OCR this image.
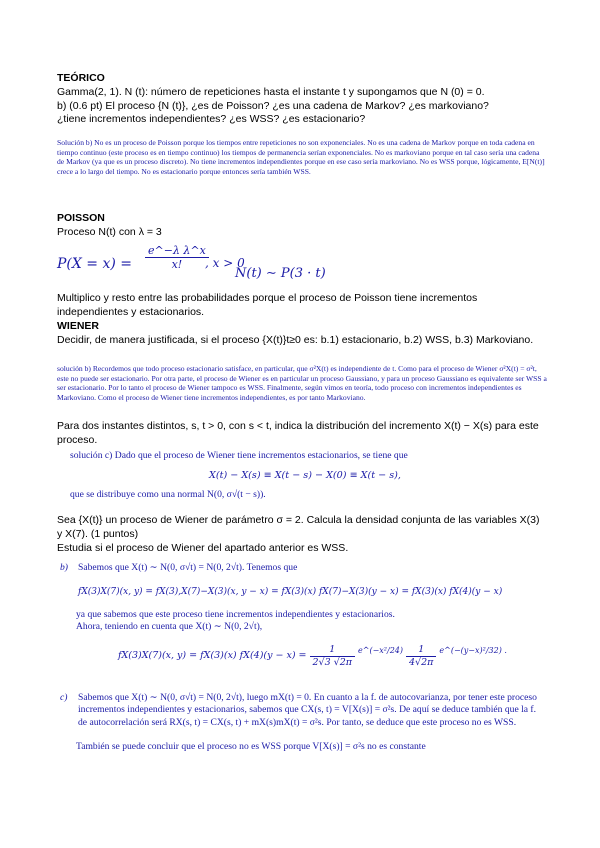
TEÓRICO
Gamma(2, 1). N (t): número de repeticiones hasta el instante t y supongamos que N (0) = 0.
b) (0.6 pt) El proceso {N (t)}, ¿es de Poisson? ¿es una cadena de Markov? ¿es markoviano?
¿tiene incrementos independientes? ¿es WSS? ¿es estacionario?
Solución b) No es un proceso de Poisson porque los tiempos entre repeticiones no son exponenciales. No es una cadena de Markov porque en toda cadena en tiempo continuo (este proceso es en tiempo continuo) los tiempos de permanencia serían exponenciales. No es markoviano porque en tal caso sería una cadena de Markov (ya que es un proceso discreto). No tiene incrementos independientes porque en ese caso sería markoviano. No es WSS porque, lógicamente, E[N(t)] crece a lo largo del tiempo. No es estacionario porque entonces sería también WSS.
POISSON
Proceso N(t) con λ = 3
$P(X = x) = \frac{\text{e\textasciicircum{}−λ λ\textasciicircum{}x}}{x!}$
, x > 0
N(t) ∼ P(3 · t)
Multiplico y resto entre las probabilidades porque el proceso de Poisson tiene incrementos independientes y estacionarios.
WIENER
Decidir, de manera justificada, si el proceso {X(t)}t≥0 es: b.1) estacionario, b.2) WSS, b.3) Markoviano.
solución b) Recordemos que todo proceso estacionario satisface, en particular, que σ²X(t) es independiente de t. Como para el proceso de Wiener σ²X(t) = σ²t, este no puede ser estacionario. Por otra parte, el proceso de Wiener es en particular un proceso Gaussiano, y para un proceso Gaussiano es equivalente ser WSS a ser estacionario. Por lo tanto el proceso de Wiener tampoco es WSS. Finalmente, según vimos en teoría, todo proceso con incrementos independientes es Markoviano. Como el proceso de Wiener tiene incrementos independientes, es por tanto Markoviano.
Para dos instantes distintos, s, t > 0, con s < t, indica la distribución del incremento X(t) − X(s) para este proceso.
solución c) Dado que el proceso de Wiener tiene incrementos estacionarios, se tiene que
X(t) − X(s) ≡ X(t − s) − X(0) ≡ X(t − s),
que se distribuye como una normal N(0, σ√(t − s)).
Sea {X(t)} un proceso de Wiener de parámetro σ = 2. Calcula la densidad conjunta de las variables X(3) y X(7). (1 puntos)
Estudia si el proceso de Wiener del apartado anterior es WSS.
b)	Sabemos que X(t) ∼ N(0, σ√t) = N(0, 2√t). Tenemos que
fX(3)X(7)(x, y) = fX(3),X(7)−X(3)(x, y − x) = fX(3)(x) fX(7)−X(3)(y − x) = fX(3)(x) fX(4)(y − x)
ya que sabemos que este proceso tiene incrementos independientes y estacionarios.
Ahora, teniendo en cuenta que X(t) ∼ N(0, 2√t),
fX(3)X(7)(x, y) = fX(3)(x) $fX(4)(y - x) = \frac{1}{2√3 √2\pi}$ e^(−x²/24) $\frac{1}{4√2\pi}$ e^(−(y−x)²/32) .
c)	Sabemos que X(t) ∼ N(0, σ√t) = N(0, 2√t), luego mX(t) = 0. En cuanto a la f. de autocovarianza, por tener este proceso incrementos independientes y estacionarios, sabemos que CX(s, t) = V[X(s)] = σ²s. De aquí se deduce también que la f. de autocorrelación será RX(s, t) = CX(s, t) + mX(s)mX(t) = σ²s. Por tanto, se deduce que este proceso no es WSS.
También se puede concluir que el proceso no es WSS porque V[X(s)] = σ²s no es constante
